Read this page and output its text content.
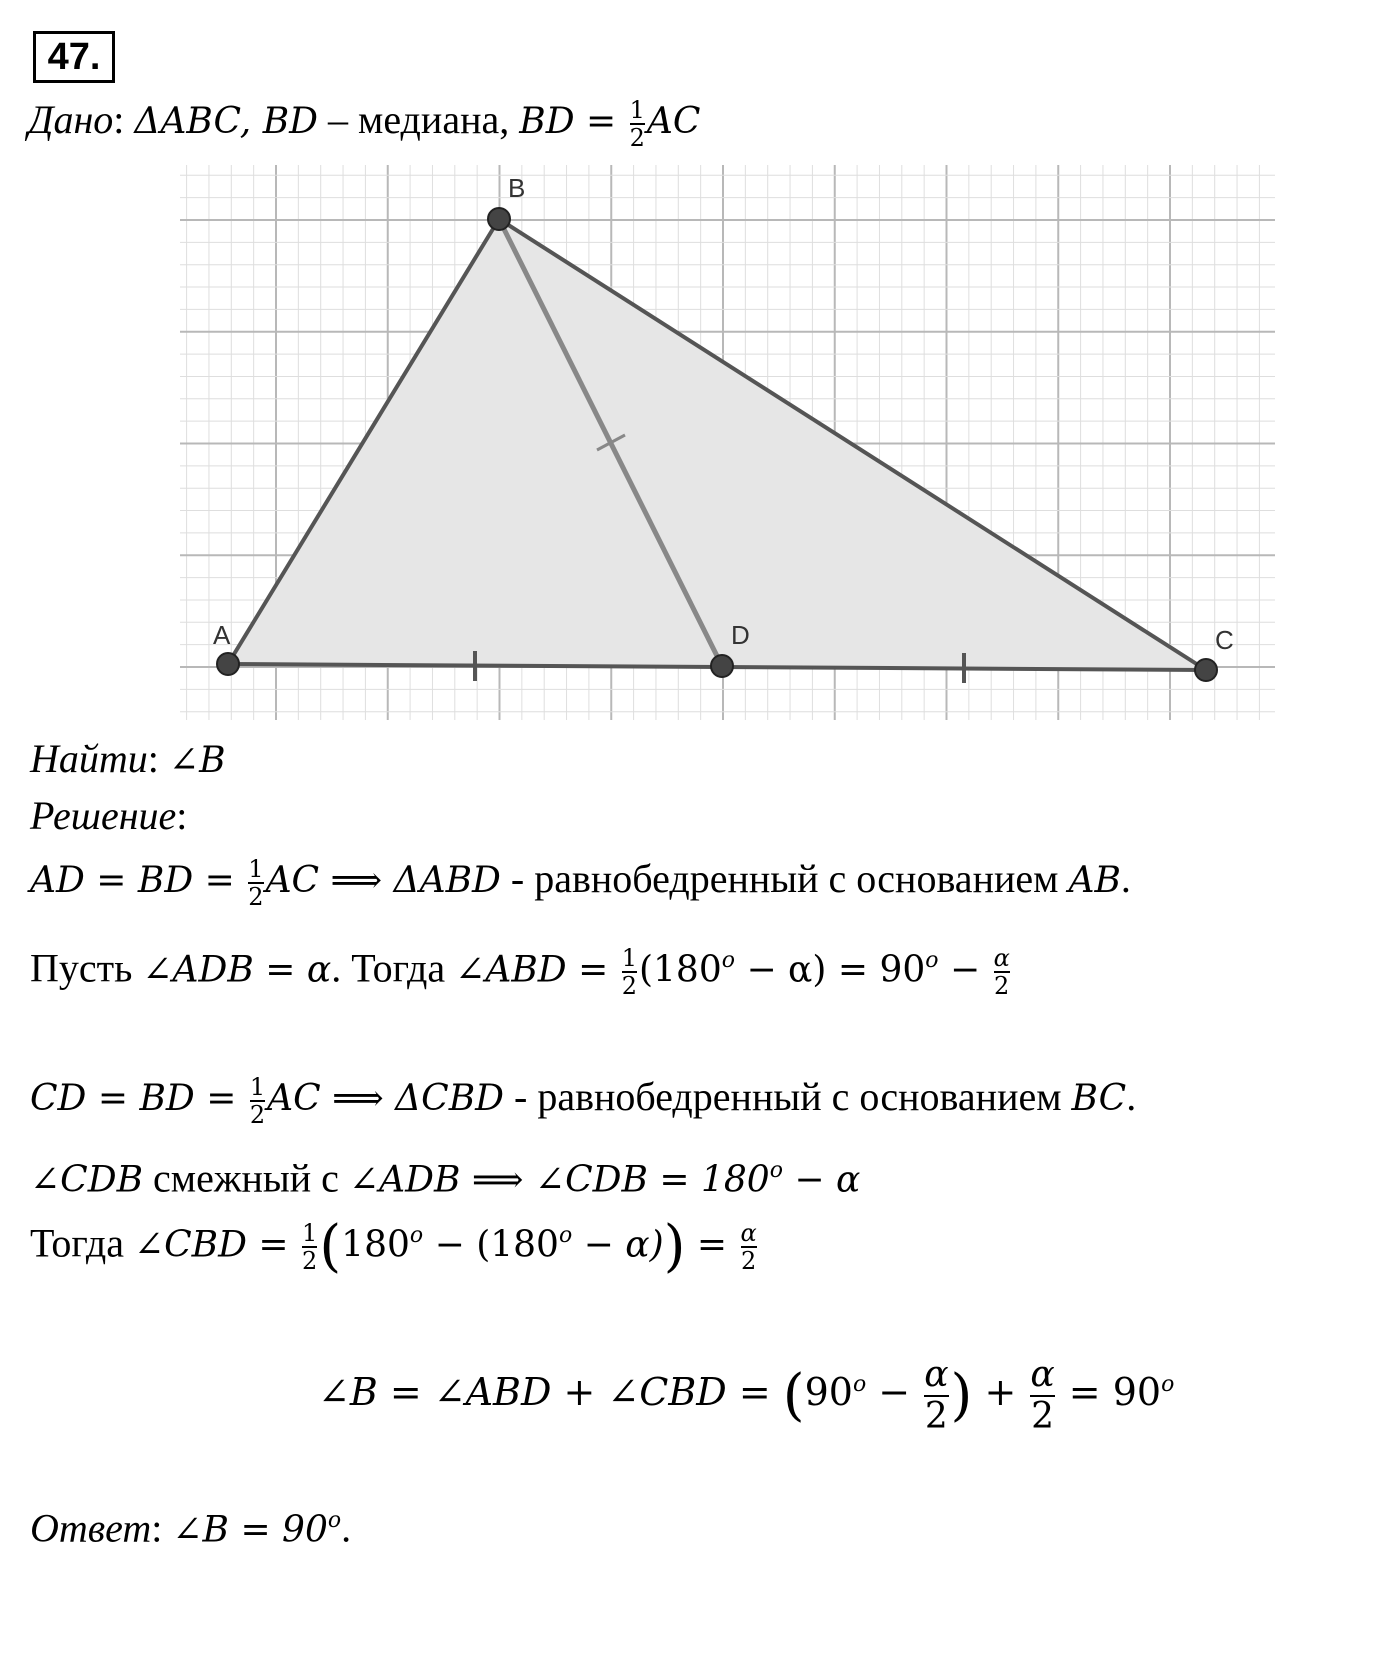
47.
Дано: ΔABC, BD – медиана, BD = $\frac{1}{2}$ AC
A
B
D	C
Найти: ∠B
Решение:
AD = BD = $\frac{1}{2}$ AC ⟹ ΔABD - равнобедренный с основанием AB.
Пусть ∠ADB = α. Тогда ∠ABD = $\frac{1}{2} (180^o - \alpha) = 90^o - \frac{\alpha}{2}$
CD = BD = $\frac{1}{2}$ AC ⟹ ΔCBD - равнобедренный с основанием BC.
∠CDB смежный с ∠ADB ⟹ ∠CDB = $180^o - \alpha$
Тогда ∠CBD = $\frac{1}{2} (180^o - (180^o - \alpha)) = \frac{\alpha}{2}$
∠B = ∠ABD + ∠CBD = ($90^o - \frac{\alpha}{2}$ ) + $\frac{\alpha}{2} = 90^o$
Ответ: ∠B = $90^o$.
